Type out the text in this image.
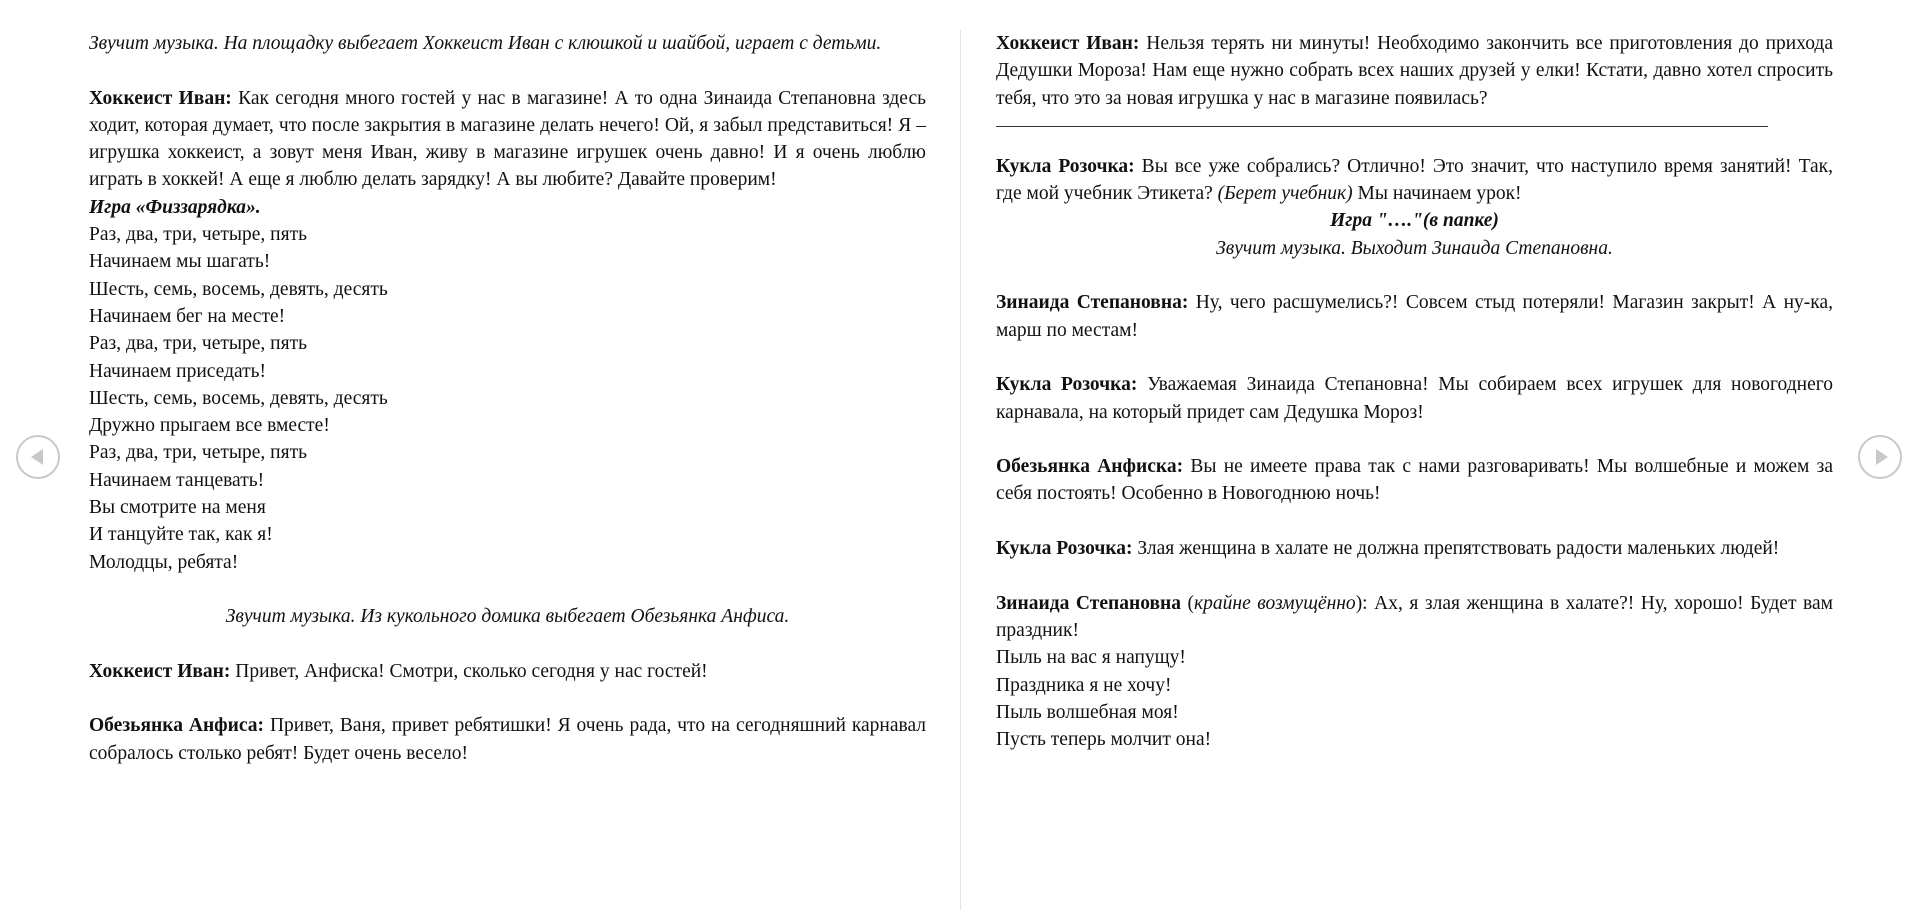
Звучит музыка. На площадку выбегает Хоккеист Иван с клюшкой и шайбой, играет с детьми.

Хоккеист Иван: Как сегодня много гостей у нас в магазине! А то одна Зинаида Степановна здесь ходит, которая думает, что после закрытия в магазине делать нечего! Ой, я забыл представиться! Я – игрушка хоккеист, а зовут меня Иван, живу в магазине игрушек очень давно! И я очень люблю играть в хоккей! А еще я люблю делать зарядку! А вы любите? Давайте проверим!

Игра «Физзарядка».

Раз, два, три, четыре, пять
Начинаем мы шагать!
Шесть, семь, восемь, девять, десять
Начинаем бег на месте!
Раз, два, три, четыре, пять
Начинаем приседать!
Шесть, семь, восемь, девять, десять
Дружно прыгаем все вместе!
Раз, два, три, четыре, пять
Начинаем танцевать!
Вы смотрите на меня
И танцуйте так, как я!
Молодцы, ребята!

Звучит музыка. Из кукольного домика выбегает Обезьянка Анфиса.

Хоккеист Иван: Привет, Анфиска! Смотри, сколько сегодня у нас гостей!

Обезьянка Анфиса: Привет, Ваня, привет ребятишки! Я очень рада, что на сегодняшний карнавал собралось столько ребят! Будет очень весело!

Хоккеист Иван: Нельзя терять ни минуты! Необходимо закончить все приготовления до прихода Дедушки Мороза! Нам еще нужно собрать всех наших друзей у елки! Кстати, давно хотел спросить тебя, что это за новая игрушка у нас в магазине появилась?

Кукла Розочка: Вы все уже собрались? Отлично! Это значит, что наступило время занятий! Так, где мой учебник Этикета? (Берет учебник) Мы начинаем урок!

Игра "…."(в папке)

Звучит музыка. Выходит Зинаида Степановна.

Зинаида Степановна: Ну, чего расшумелись?! Совсем стыд потеряли! Магазин закрыт! А ну-ка, марш по местам!

Кукла Розочка: Уважаемая Зинаида Степановна! Мы собираем всех игрушек для новогоднего карнавала, на который придет сам Дедушка Мороз!

Обезьянка Анфиска: Вы не имеете права так с нами разговаривать! Мы волшебные и можем за себя постоять! Особенно в Новогоднюю ночь!

Кукла Розочка: Злая женщина в халате не должна препятствовать радости маленьких людей!

Зинаида Степановна (крайне возмущённо): Ах, я злая женщина в халате?! Ну, хорошо! Будет вам праздник!

Пыль на вас я напущу!
Праздника я не хочу!
Пыль волшебная моя!
Пусть теперь молчит она!
